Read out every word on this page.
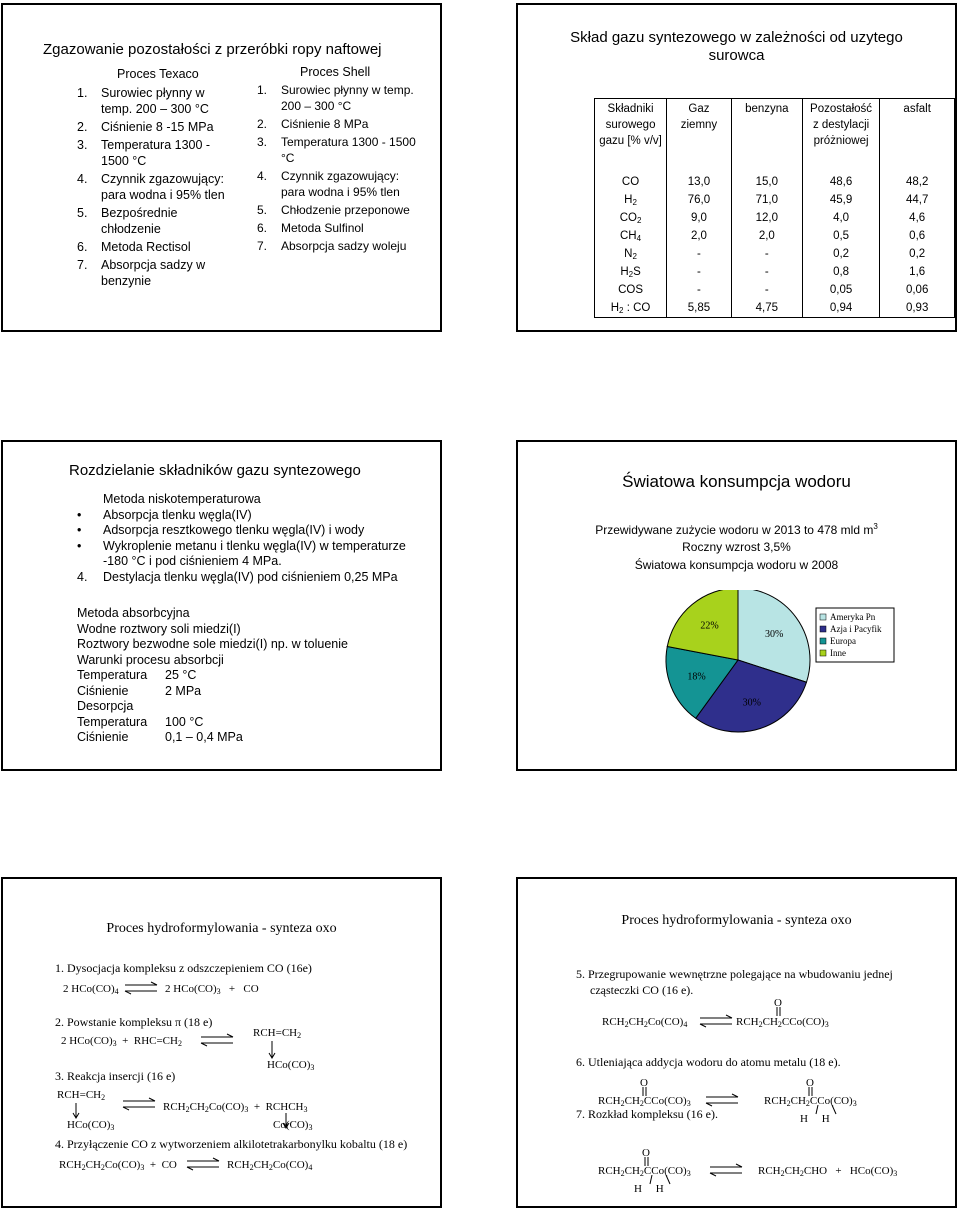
Zgazowanie pozostałości z przeróbki ropy naftowej
Proces Texaco
1.	Surowiec płynny w temp. 200 – 300 °C
2.	Ciśnienie 8 -15 MPa
3.	Temperatura 1300 - 1500 °C
4.	Czynnik zgazowujący: para wodna i 95% tlen
5.	Bezpośrednie chłodzenie
6.	Metoda Rectisol
7.	Absorpcja sadzy w benzynie
Proces Shell
1.	Surowiec płynny w temp. 200 – 300 °C
2.	Ciśnienie 8 MPa
3.	Temperatura 1300 - 1500 °C
4.	Czynnik zgazowujący: para wodna i 95% tlen
5.	Chłodzenie przeponowe
6.	Metoda Sulfinol
7.	Absorpcja sadzy woleju
Skład gazu syntezowego w zależności od uzytego surowca
Składniki surowego gazu [% v/v]	Gaz ziemny	benzyna	Pozostałość z destylacji próżniowej	asfalt
CO	13,0	15,0	48,6	48,2
$H_2$	76,0	71,0	45,9	44,7
$CO_2$	9,0	12,0	4,0	4,6
$CH_4$	2,0	2,0	0,5	0,6
$N_2$	-	-	0,2	0,2
$H_2S$	-	-	0,8	1,6
COS	-	-	0,05	0,06
$H_2$ : CO	5,85	4,75	0,94	0,93
Rozdzielanie składników gazu syntezowego
Metoda niskotemperaturowa
•	Absorpcja tlenku węgla(IV)
•	Adsorpcja resztkowego tlenku węgla(IV) i wody
•	Wykroplenie metanu i tlenku węgla(IV) w temperaturze
-180 °C i pod ciśnieniem 4 MPa.
4.	Destylacja tlenku węgla(IV) pod ciśnieniem 0,25 MPa
Metoda absorbcyjna
Wodne roztwory soli miedzi(I)
Roztwory bezwodne sole miedzi(I) np. w toluenie
Warunki procesu absorbcji
Temperatura	25 °C
Ciśnienie	2 MPa
Desorpcja
Temperatura	100 °C
Ciśnienie	0,1 – 0,4 MPa
Światowa konsumpcja wodoru
Przewidywane zużycie wodoru w 2013 to 478 mld $m^3$
Roczny wzrost 3,5%
Światowa konsumpcja wodoru w 2008
30%
30%
18%
22%
Ameryka Pn
Azja i Pacyfik
Europa
Inne
Proces hydroformylowania - synteza oxo
1. Dysocjacja kompleksu z odszczepieniem CO (16e)
2 $HCo(CO)_4$ ⇌ 2 $HCo(CO)_3$ + CO
2. Powstanie kompleksu π (18 e)
2 $HCo(CO)_3 + RHC=CH_2$ ⇌ $RCH=CH_2$
$HCo(CO)_3$
3. Reakcja insercji (16 e)
$RCH=CH_2$
$HCo(CO)_3$
⇌ $RCH_2CH_2Co(CO)_3$ + $RCHCH_3$
$Co(CO)_3$
4. Przyłączenie CO z wytworzeniem alkilotetrakarbonylku kobaltu (18 e)
$RCH_2CH_2Co(CO)_3$ + CO ⇌ $RCH_2CH_2Co(CO)_4$
Proces hydroformylowania - synteza oxo
5. Przegrupowanie wewnętrzne polegające na wbudowaniu jednej
cząsteczki CO (16 e).
$RCH_2CH_2Co(CO)_4$ ⇌
O
$RCH_2CH_2CCo(CO)_3$
6. Utleniająca addycja wodoru do atomu metalu (18 e).
O
$RCH_2CH_2CCo(CO)_3$ ⇌
O
$RCH_2CH_2CCo(CO)_3$
H H
7. Rozkład kompleksu (16 e).
O
$RCH_2CH_2CCo(CO)_3$
H H
⇌ $RCH_2CH_2CHO + HCo(CO)_3$
